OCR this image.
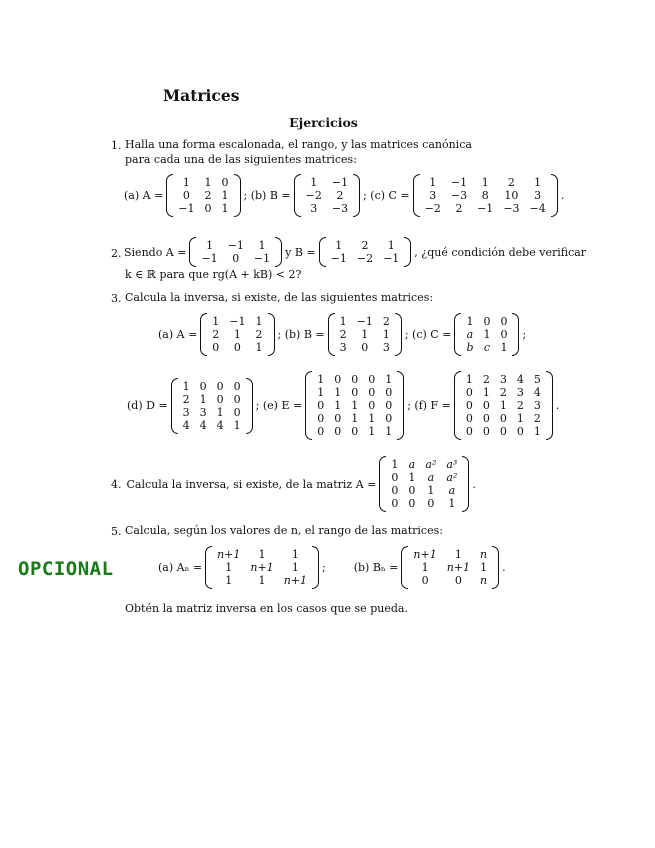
Matrices
Ejercicios
1. Halla una forma escalonada, el rango, y las matrices canónica
para cada una de las siguientes matrices:
(a) A =
1	1	0
0	2	1
−1	0	1
; (b) B =
1	−1
−2	2
3	−3
; (c) C =
1	−1	1	2	1
3	−3	8	10	3
−2	2	−1	−3	−4
.
2. Siendo A = 1	−1	1
−1	0	−1 y B = 1	2	1
−1	−2	−1 , ¿qué condición debe verificar
k ∈ ℝ para que rg(A + kB) < 2?
3. Calcula la inversa, si existe, de las siguientes matrices:
(a) A =
1	−1	1
2	1	2
0	0	1
; (b) B =
1	−1	2
2	1	1
3	0	3
; (c) C =
1	0	0
a	1	0
b	c	1
;
(d) D =
1	0	0	0
2	1	0	0
3	3	1	0
4	4	4	1
; (e) E =
1	0	0	0	1
1	1	0	0	0
0	1	1	0	0
0	0	1	1	0
0	0	0	1	1
; (f) F =
1	2	3	4	5
0	1	2	3	4
0	0	1	2	3
0	0	0	1	2
0	0	0	0	1
.
4. Calcula la inversa, si existe, de la matriz A =
1	a	a²	a³
0	1	a	a²
0	0	1	a
0	0	0	1
.
5. Calcula, según los valores de n, el rango de las matrices:
OPCIONAL	(a) Aₙ =
n+1	1	1
1	n+1	1
1	1	n+1
;	(b) Bₙ =
n+1	1	n
1	n+1	1
0	0	n
.
Obtén la matriz inversa en los casos que se pueda.
